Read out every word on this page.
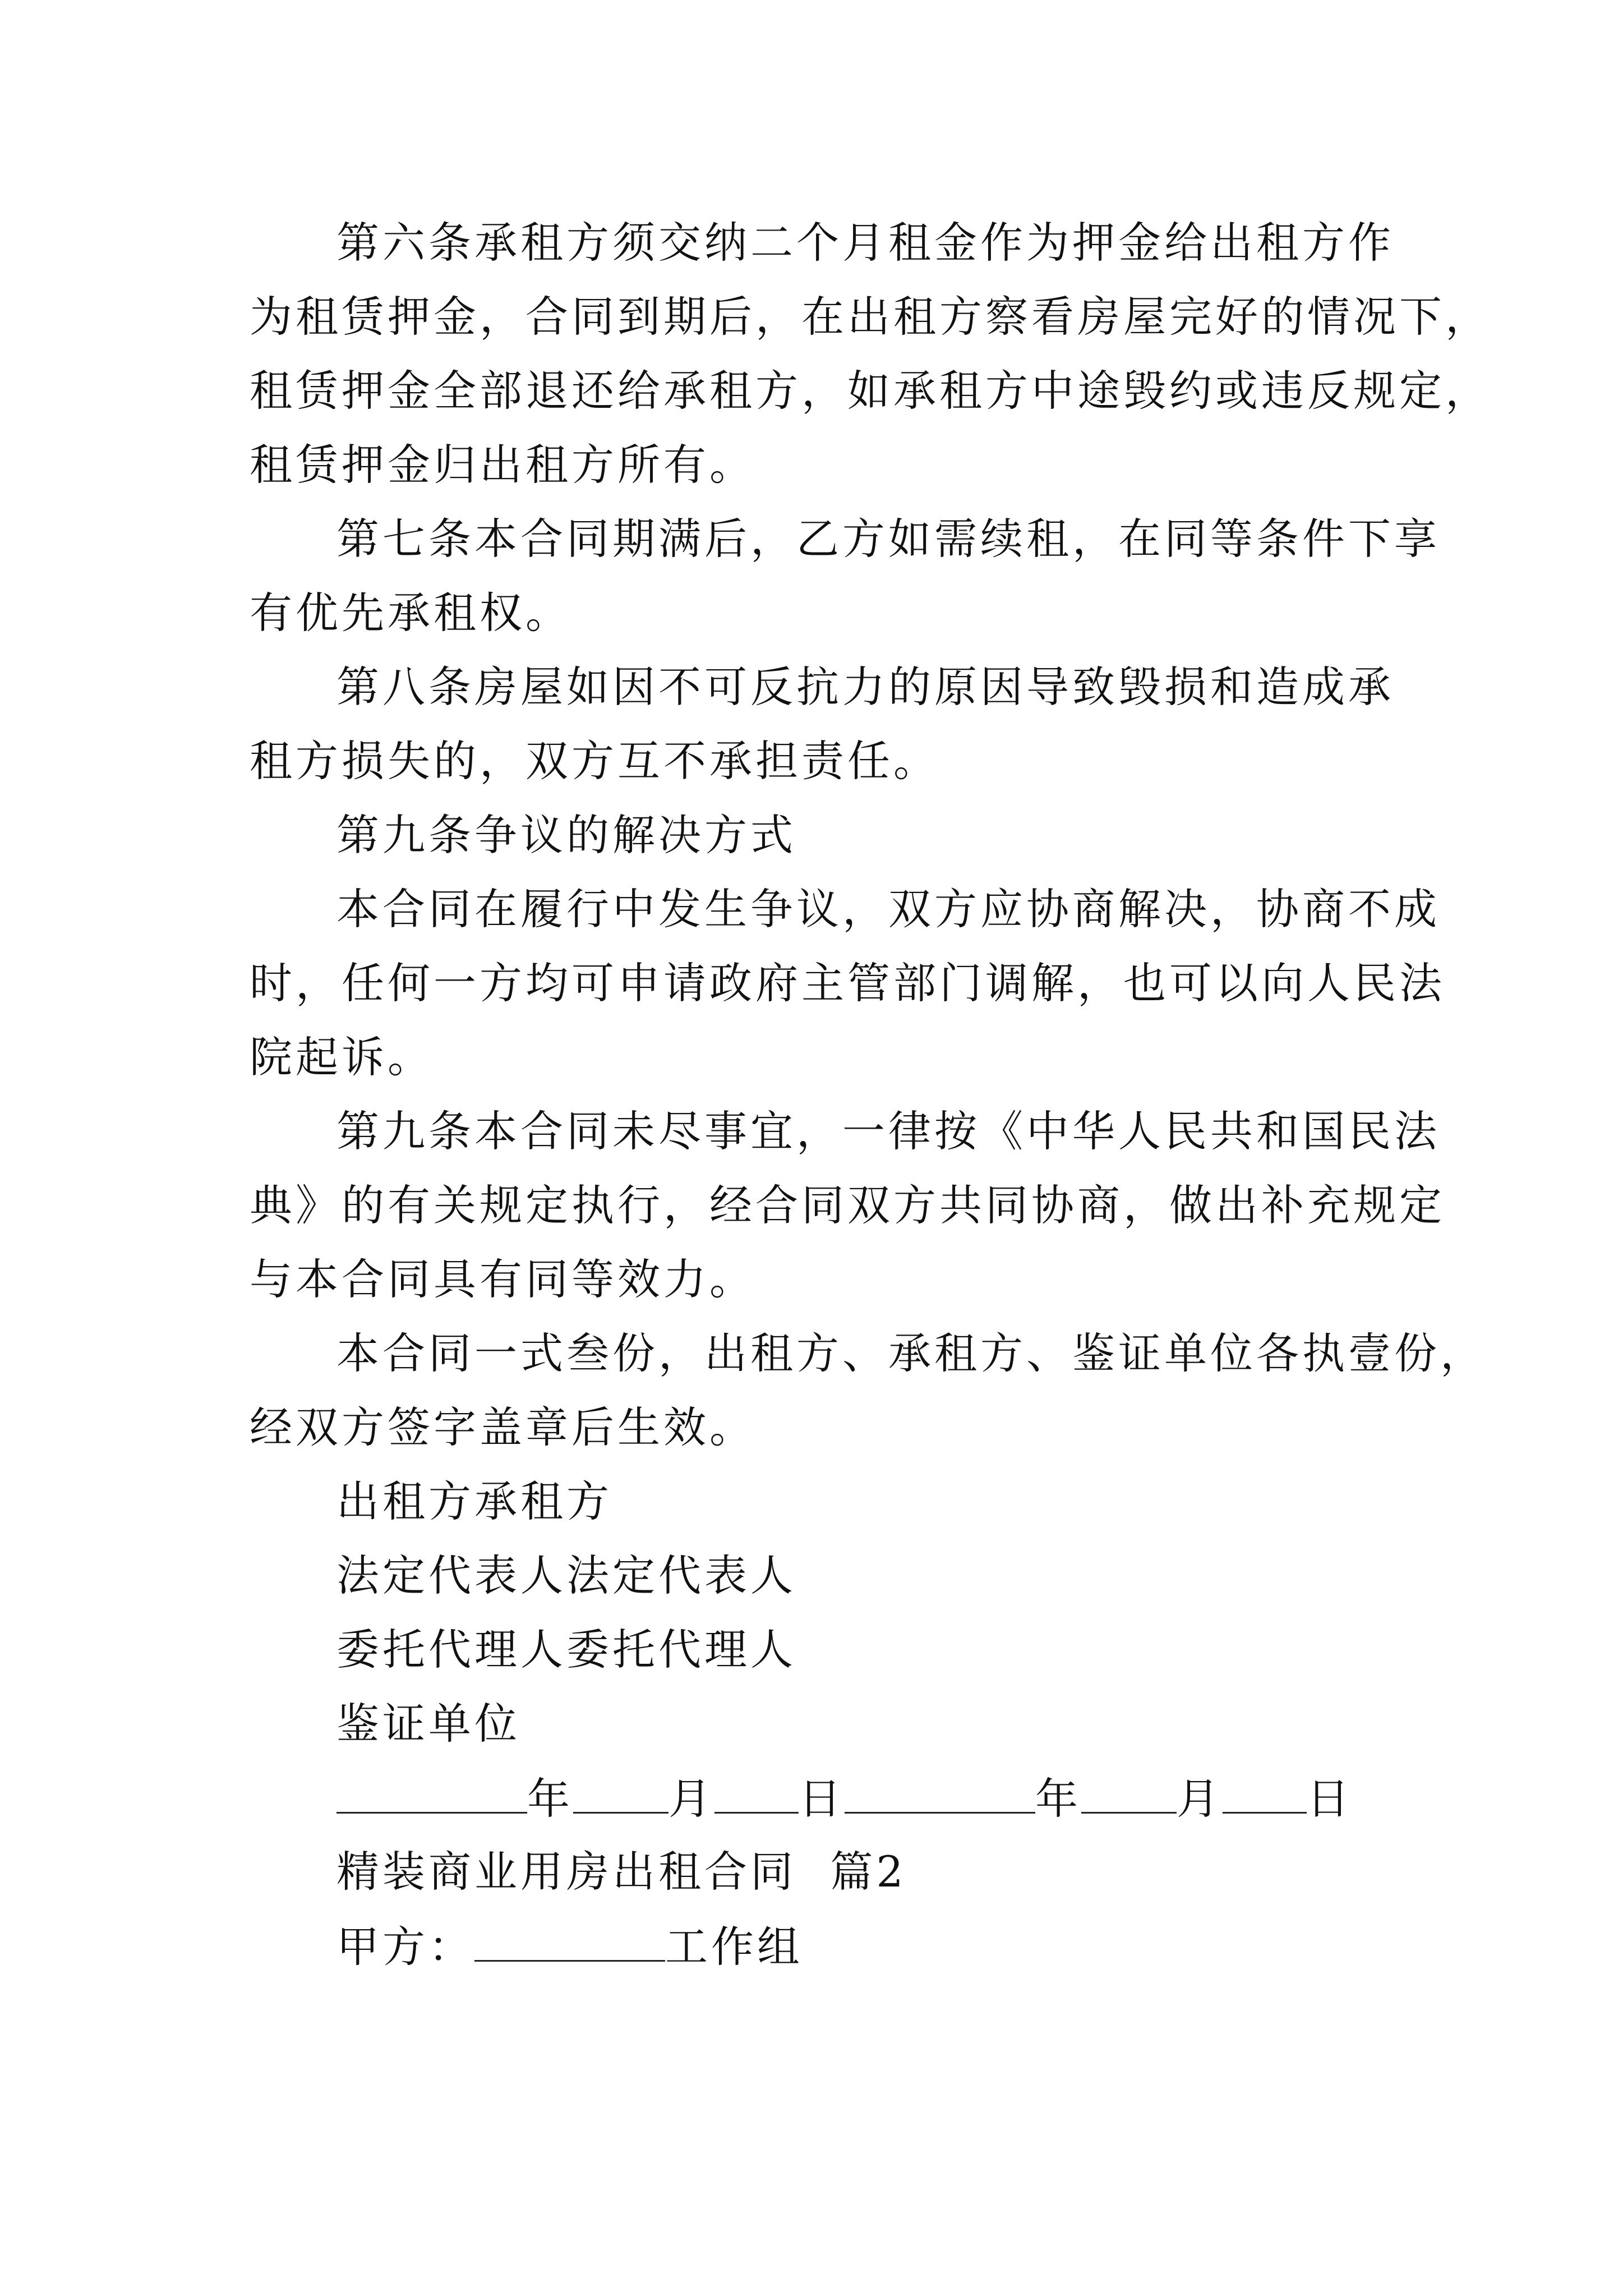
第六条承租方须交纳二个月租金作为押金给出租方作
为租赁押金，合同到期后，在出租方察看房屋完好的情况下，
租赁押金全部退还给承租方，如承租方中途毁约或违反规定，
租赁押金归出租方所有。
第七条本合同期满后，乙方如需续租，在同等条件下享
有优先承租权。
第八条房屋如因不可反抗力的原因导致毁损和造成承
租方损失的，双方互不承担责任。
第九条争议的解决方式
本合同在履行中发生争议，双方应协商解决，协商不成
时，任何一方均可申请政府主管部门调解，也可以向人民法
院起诉。
第九条本合同未尽事宜，一律按《中华人民共和国民法
典》的有关规定执行，经合同双方共同协商，做出补充规定
与本合同具有同等效力。
本合同一式叁份，出租方、承租方、鉴证单位各执壹份，
经双方签字盖章后生效。
出租方承租方
法定代表人法定代表人
委托代理人委托代理人
鉴证单位
年 月 日	年 月 日
精装商业用房出租合同  篇2
甲方：	工作组
